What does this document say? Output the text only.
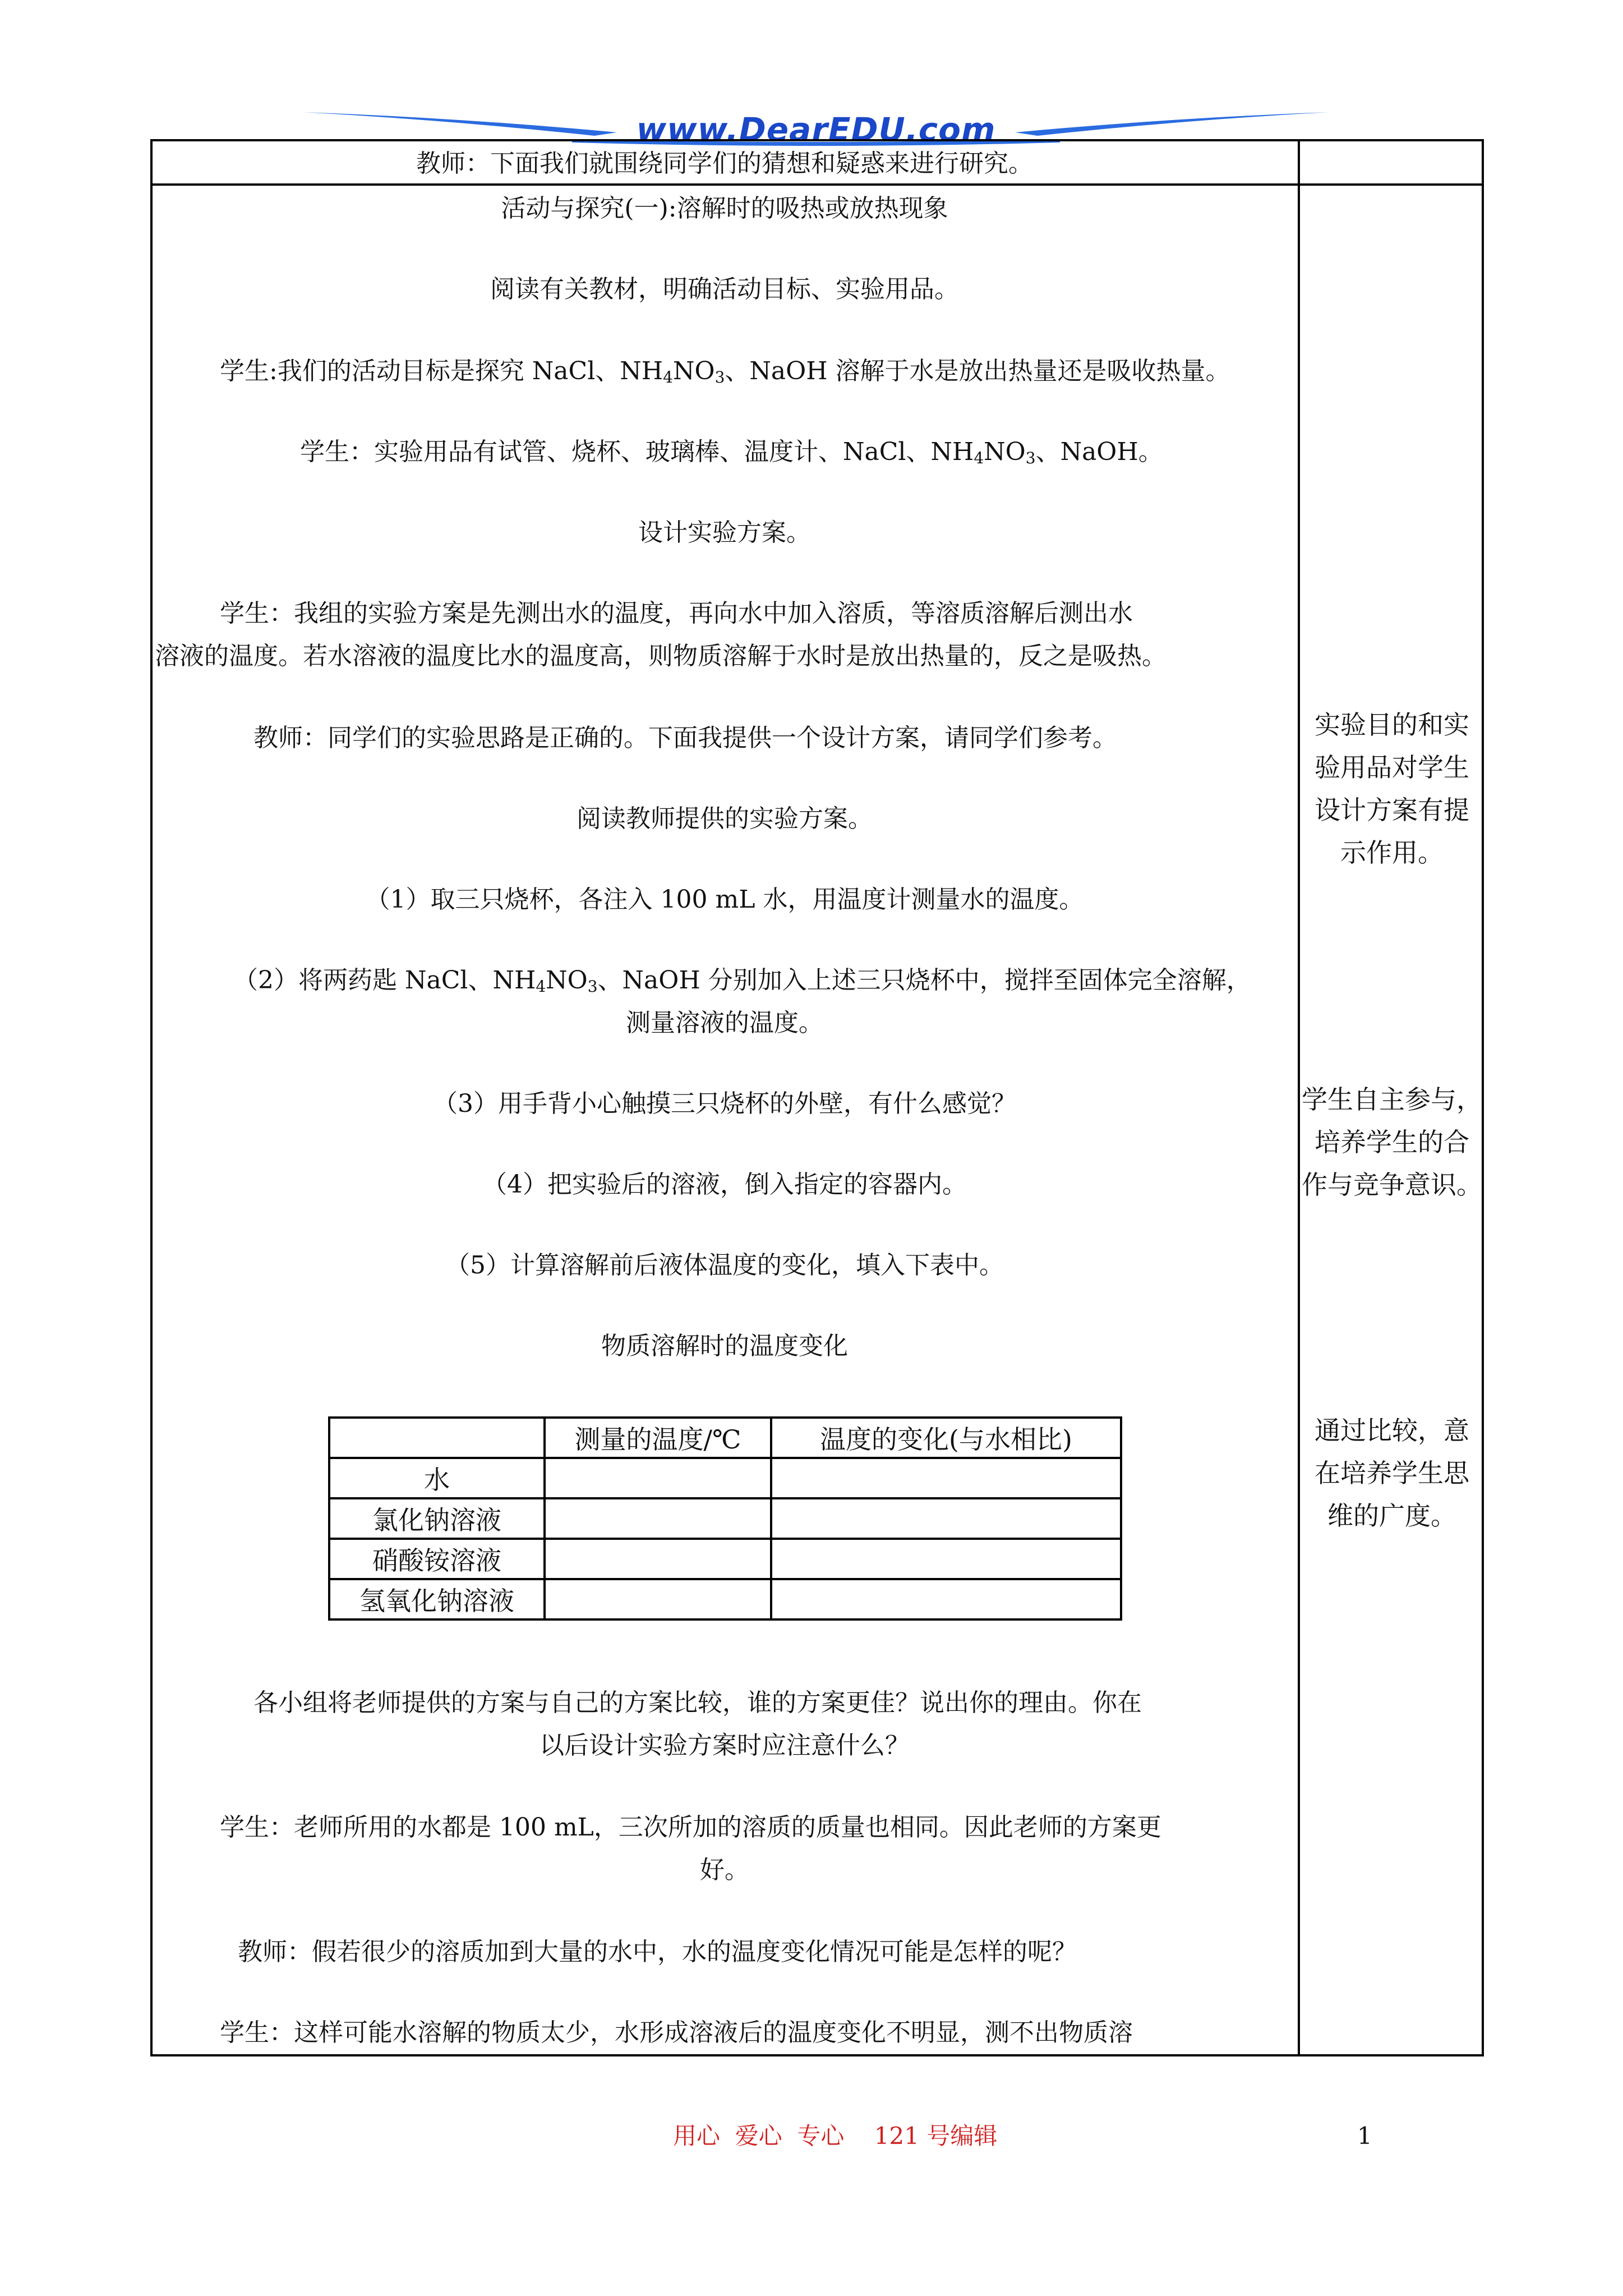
www.DearEDU.com
教师：下面我们就围绕同学们的猜想和疑惑来进行研究。
活动与探究(一):溶解时的吸热或放热现象
阅读有关教材，明确活动目标、实验用品。
学生:我们的活动目标是探究 NaCl、$NH_4NO_3$、NaOH 溶解于水是放出热量还是吸收热量。
学生：实验用品有试管、烧杯、玻璃棒、温度计、NaCl、$NH_4NO_3$、NaOH。
设计实验方案。
学生：我组的实验方案是先测出水的温度，再向水中加入溶质，等溶质溶解后测出水
溶液的温度。若水溶液的温度比水的温度高，则物质溶解于水时是放出热量的，反之是吸热。
教师：同学们的实验思路是正确的。下面我提供一个设计方案，请同学们参考。
阅读教师提供的实验方案。
（1）取三只烧杯，各注入 100 mL 水，用温度计测量水的温度。
（2）将两药匙 NaCl、$NH_4NO_3$、NaOH 分别加入上述三只烧杯中，搅拌至固体完全溶解，
测量溶液的温度。
（3）用手背小心触摸三只烧杯的外壁，有什么感觉？
（4）把实验后的溶液，倒入指定的容器内。
（5）计算溶解前后液体温度的变化，填入下表中。
物质溶解时的温度变化
	测量的温度/℃	温度的变化(与水相比)
水		
氯化钠溶液		
硝酸铵溶液		
氢氧化钠溶液		
各小组将老师提供的方案与自己的方案比较，谁的方案更佳？说出你的理由。你在
以后设计实验方案时应注意什么？
学生：老师所用的水都是 100 mL，三次所加的溶质的质量也相同。因此老师的方案更
好。
教师：假若很少的溶质加到大量的水中，水的温度变化情况可能是怎样的呢？
学生：这样可能水溶解的物质太少，水形成溶液后的温度变化不明显，测不出物质溶
实验目的和实
验用品对学生
设计方案有提
示作用。
学生自主参与，
培养学生的合
作与竞争意识。
通过比较，意
在培养学生思
维的广度。
用心  爱心  专心    121 号编辑	1
